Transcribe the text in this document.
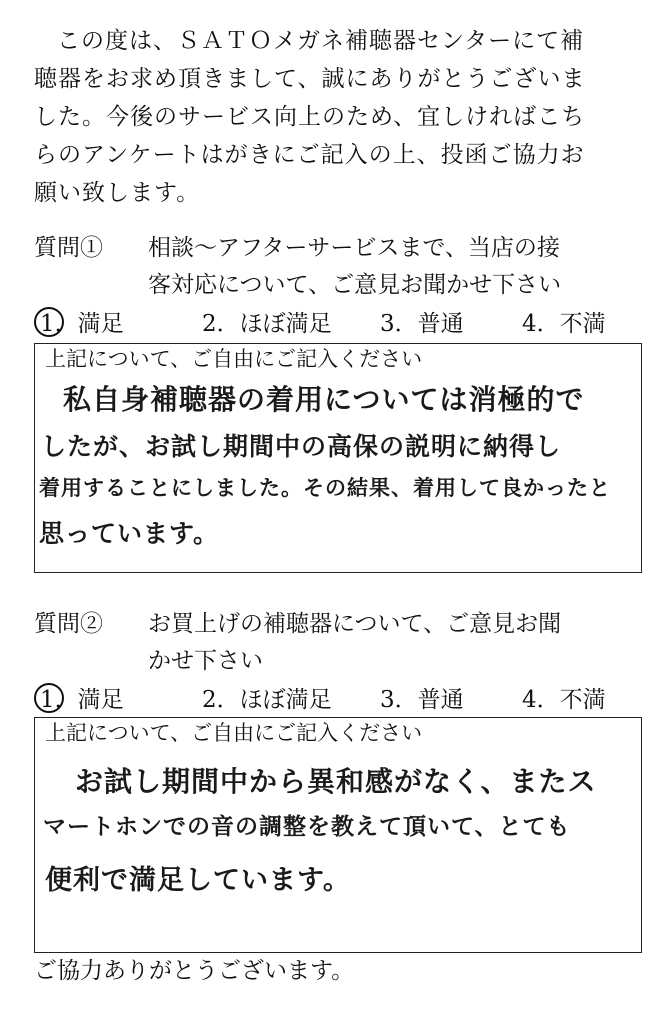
この度は、ＳＡＴＯメガネ補聴器センターにて補
聴器をお求め頂きまして、誠にありがとうございま
した。今後のサービス向上のため、宜しければこち
らのアンケートはがきにご記入の上、投函ご協力お
願い致します。
質問① 相談〜アフターサービスまで、当店の接
客対応について、ご意見お聞かせ下さい
1．満足	2．ほぼ満足 3．普通	4．不満
上記について、ご自由にご記入ください
私自身補聴器の着用については消極的で
したが、お試し期間中の高保の説明に納得し
着用することにしました。その結果、着用して良かったと
思っています。
質問② お買上げの補聴器について、ご意見お聞
かせ下さい
1．満足	2．ほぼ満足 3．普通	4．不満
上記について、ご自由にご記入ください
お試し期間中から異和感がなく、またス
マートホンでの音の調整を教えて頂いて、とても
便利で満足しています。
ご協力ありがとうございます。
